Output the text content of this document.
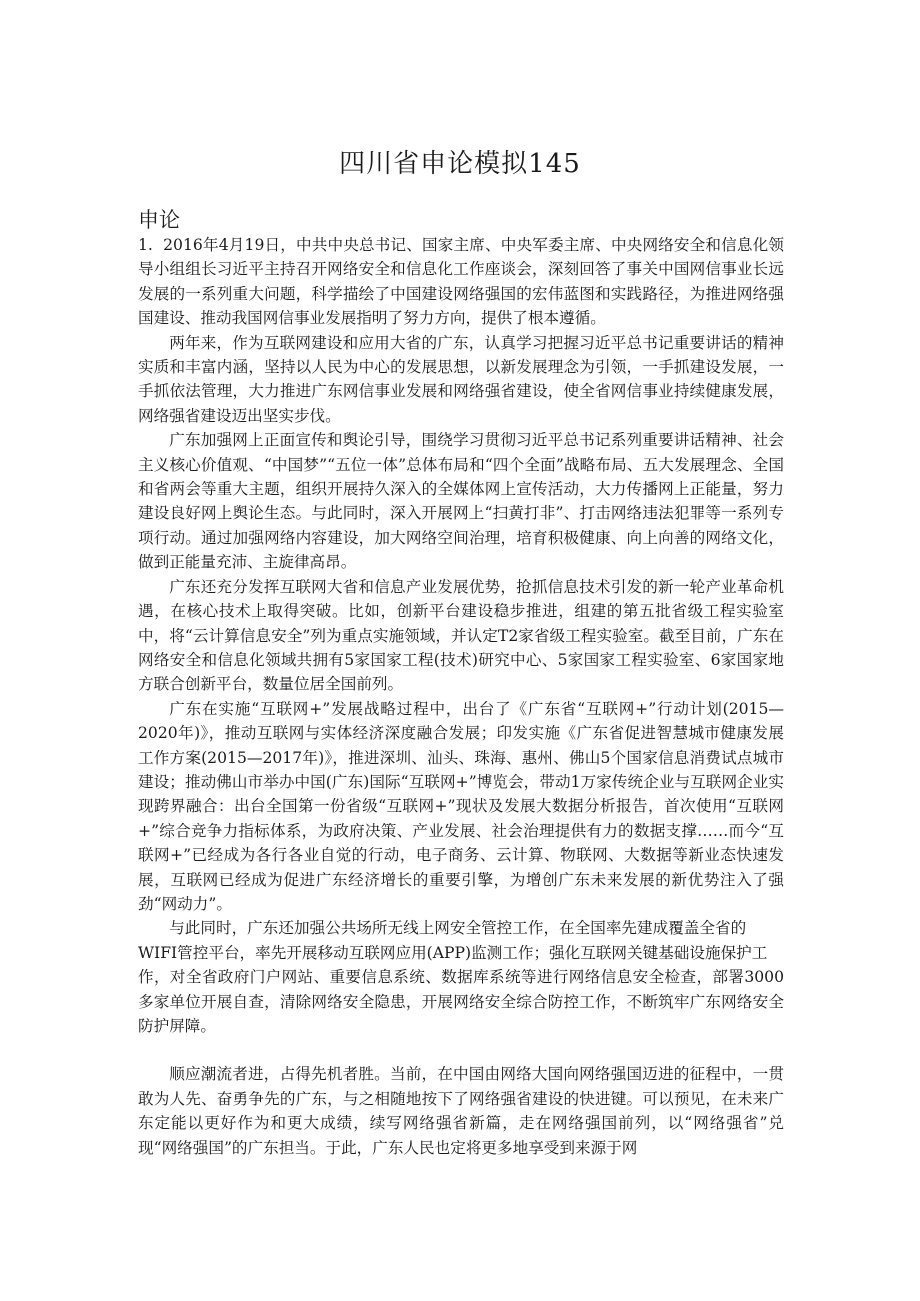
四川省申论模拟145
申论

1. 2016年4月19日，中共中央总书记、国家主席、中央军委主席、中央网络安全和信息化领导小组组长习近平主持召开网络安全和信息化工作座谈会，深刻回答了事关中国网信事业长远发展的一系列重大问题，科学描绘了中国建设网络强国的宏伟蓝图和实践路径，为推进网络强国建设、推动我国网信事业发展指明了努力方向，提供了根本遵循。

两年来，作为互联网建设和应用大省的广东，认真学习把握习近平总书记重要讲话的精神实质和丰富内涵，坚持以人民为中心的发展思想，以新发展理念为引领，一手抓建设发展，一手抓依法管理，大力推进广东网信事业发展和网络强省建设，使全省网信事业持续健康发展，网络强省建设迈出坚实步伐。

广东加强网上正面宣传和舆论引导，围绕学习贯彻习近平总书记系列重要讲话精神、社会主义核心价值观、“中国梦”“五位一体”总体布局和“四个全面”战略布局、五大发展理念、全国和省两会等重大主题，组织开展持久深入的全媒体网上宣传活动，大力传播网上正能量，努力建设良好网上舆论生态。与此同时，深入开展网上“扫黄打非”、打击网络违法犯罪等一系列专项行动。通过加强网络内容建设，加大网络空间治理，培育积极健康、向上向善的网络文化，做到正能量充沛、主旋律高昂。

广东还充分发挥互联网大省和信息产业发展优势，抢抓信息技术引发的新一轮产业革命机遇，在核心技术上取得突破。比如，创新平台建设稳步推进，组建的第五批省级工程实验室中，将“云计算信息安全”列为重点实施领域，并认定T2家省级工程实验室。截至目前，广东在网络安全和信息化领域共拥有5家国家工程(技术)研究中心、5家国家工程实验室、6家国家地方联合创新平台，数量位居全国前列。

广东在实施“互联网+”发展战略过程中，出台了《广东省“互联网+”行动计划(2015—2020年)》，推动互联网与实体经济深度融合发展；印发实施《广东省促进智慧城市健康发展工作方案(2015—2017年)》，推进深圳、汕头、珠海、惠州、佛山5个国家信息消费试点城市建设；推动佛山市举办中国(广东)国际“互联网+”博览会，带动1万家传统企业与互联网企业实现跨界融合：出台全国第一份省级“互联网+”现状及发展大数据分析报告，首次使用“互联网+”综合竞争力指标体系，为政府决策、产业发展、社会治理提供有力的数据支撑……而今“互联网+”已经成为各行各业自觉的行动，电子商务、云计算、物联网、大数据等新业态快速发展，互联网已经成为促进广东经济增长的重要引擎，为增创广东未来发展的新优势注入了强劲“网动力”。

与此同时，广东还加强公共场所无线上网安全管控工作，在全国率先建成覆盖全省的

WIFI管控平台，率先开展移动互联网应用(APP)监测工作；强化互联网关键基础设施保护工

作，对全省政府门户网站、重要信息系统、数据库系统等进行网络信息安全检查，部署3000多家单位开展自查，清除网络安全隐患，开展网络安全综合防控工作，不断筑牢广东网络安全防护屏障。

顺应潮流者进，占得先机者胜。当前，在中国由网络大国向网络强国迈进的征程中，一贯敢为人先、奋勇争先的广东，与之相随地按下了网络强省建设的快进键。可以预见，在未来广东定能以更好作为和更大成绩，续写网络强省新篇，走在网络强国前列，以“网络强省”兑现“网络强国”的广东担当。于此，广东人民也定将更多地享受到来源于网
